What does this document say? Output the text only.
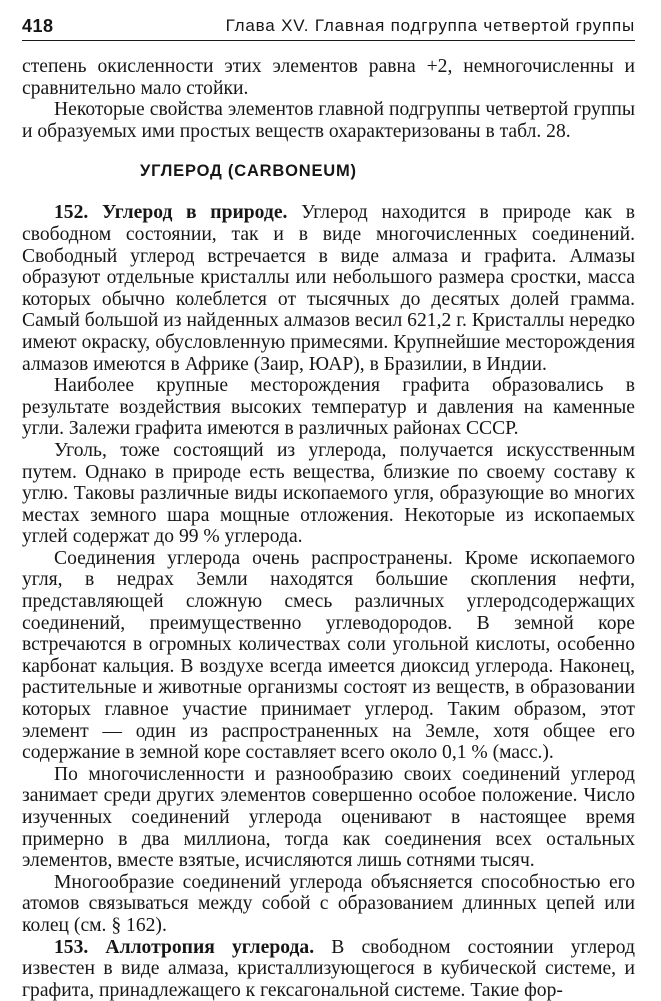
418	Глава XV. Главная подгруппа четвертой группы

степень окисленности этих элементов равна +2, немногочисленны и сравнительно мало стойки.

Некоторые свойства элементов главной подгруппы четвертой группы и образуемых ими простых веществ охарактеризованы в табл. 28.

УГЛЕРОД (CARBONEUM)

152. Углерод в природе. Углерод находится в природе как в свободном состоянии, так и в виде многочисленных соединений. Свободный углерод встречается в виде алмаза и графита. Алмазы образуют отдельные кристаллы или небольшого размера сростки, масса которых обычно колеблется от тысячных до десятых долей грамма. Самый большой из найденных алмазов весил 621,2 г. Кристаллы нередко имеют окраску, обусловленную примесями. Крупнейшие месторождения алмазов имеются в Африке (Заир, ЮАР), в Бразилии, в Индии.

Наиболее крупные месторождения графита образовались в результате воздействия высоких температур и давления на каменные угли. Залежи графита имеются в различных районах СССР.

Уголь, тоже состоящий из углерода, получается искусственным путем. Однако в природе есть вещества, близкие по своему составу к углю. Таковы различные виды ископаемого угля, образующие во многих местах земного шара мощные отложения. Некоторые из ископаемых углей содержат до 99 % углерода.

Соединения углерода очень распространены. Кроме ископаемого угля, в недрах Земли находятся большие скопления нефти, представляющей сложную смесь различных углеродсодержащих соединений, преимущественно углеводородов. В земной коре встречаются в огромных количествах соли угольной кислоты, особенно карбонат кальция. В воздухе всегда имеется диоксид углерода. Наконец, растительные и животные организмы состоят из веществ, в образовании которых главное участие принимает углерод. Таким образом, этот элемент — один из распространенных на Земле, хотя общее его содержание в земной коре составляет всего около 0,1 % (масс.).

По многочисленности и разнообразию своих соединений углерод занимает среди других элементов совершенно особое положение. Число изученных соединений углерода оценивают в настоящее время примерно в два миллиона, тогда как соединения всех остальных элементов, вместе взятые, исчисляются лишь сотнями тысяч.

Многообразие соединений углерода объясняется способностью его атомов связываться между собой с образованием длинных цепей или колец (см. § 162).

153. Аллотропия углерода. В свободном состоянии углерод известен в виде алмаза, кристаллизующегося в кубической системе, и графита, принадлежащего к гексагональной системе. Такие фор-
